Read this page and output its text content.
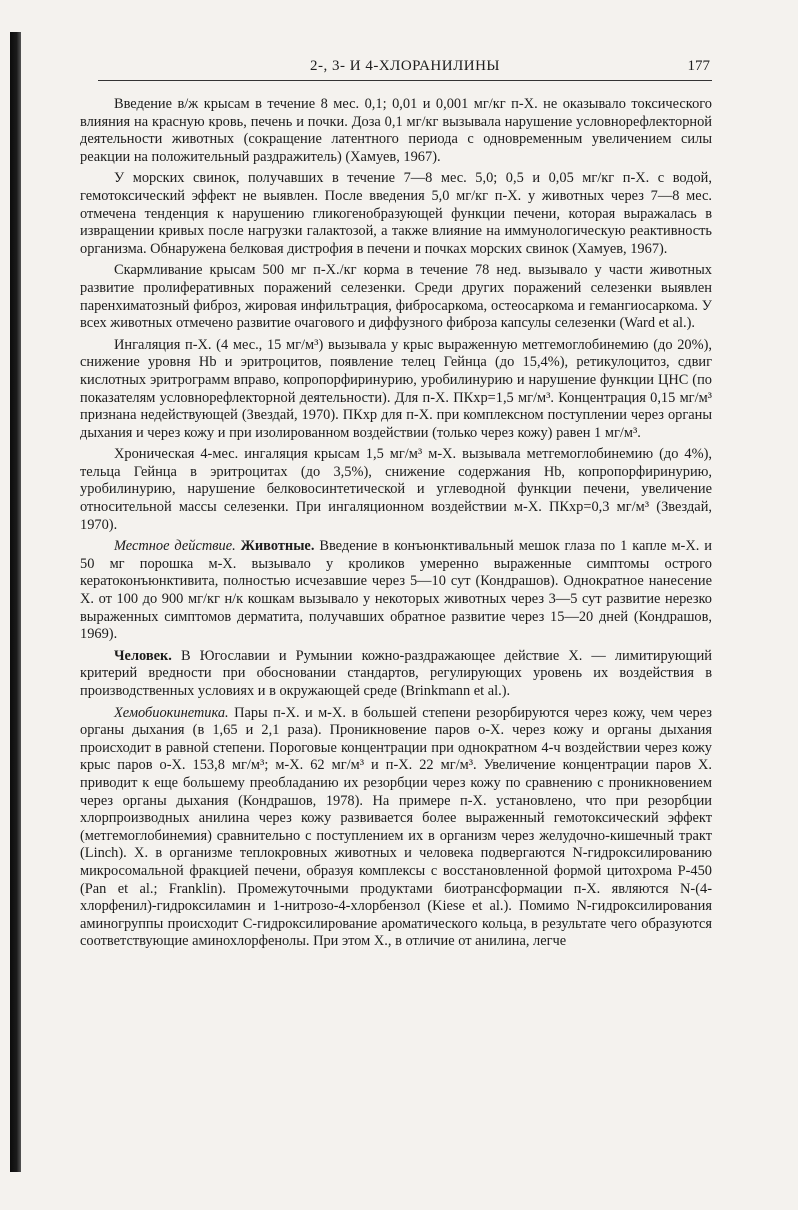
2-, 3- И 4-ХЛОРАНИЛИНЫ	177

Введение в/ж крысам в течение 8 мес. 0,1; 0,01 и 0,001 мг/кг п-Х. не оказывало токсического влияния на красную кровь, печень и почки. Доза 0,1 мг/кг вызывала нарушение условнорефлекторной деятельности животных (сокращение латентного периода с одновременным увеличением силы реакции на положительный раздражитель) (Хамуев, 1967).

У морских свинок, получавших в течение 7—8 мес. 5,0; 0,5 и 0,05 мг/кг п-Х. с водой, гемотоксический эффект не выявлен. После введения 5,0 мг/кг п-Х. у животных через 7—8 мес. отмечена тенденция к нарушению гликогенобразующей функции печени, которая выражалась в извращении кривых после нагрузки галактозой, а также влияние на иммунологическую реактивность организма. Обнаружена белковая дистрофия в печени и почках морских свинок (Хамуев, 1967).

Скармливание крысам 500 мг п-Х./кг корма в течение 78 нед. вызывало у части животных развитие пролиферативных поражений селезенки. Среди других поражений селезенки выявлен паренхиматозный фиброз, жировая инфильтрация, фибросаркома, остеосаркома и гемангиосаркома. У всех животных отмечено развитие очагового и диффузного фиброза капсулы селезенки (Ward et al.).

Ингаляция п-Х. (4 мес., 15 мг/м³) вызывала у крыс выраженную метгемоглобинемию (до 20%), снижение уровня Hb и эритроцитов, появление телец Гейнца (до 15,4%), ретикулоцитоз, сдвиг кислотных эритрограмм вправо, копропорфиринурию, уробилинурию и нарушение функции ЦНС (по показателям условнорефлекторной деятельности). Для п-Х. ПКхр=1,5 мг/м³. Концентрация 0,15 мг/м³ признана недействующей (Звездай, 1970). ПКхр для п-Х. при комплексном поступлении через органы дыхания и через кожу и при изолированном воздействии (только через кожу) равен 1 мг/м³.

Хроническая 4-мес. ингаляция крысам 1,5 мг/м³ м-Х. вызывала метгемоглобинемию (до 4%), тельца Гейнца в эритроцитах (до 3,5%), снижение содержания Hb, копропорфиринурию, уробилинурию, нарушение белковосинтетической и углеводной функции печени, увеличение относительной массы селезенки. При ингаляционном воздействии м-Х. ПКхр=0,3 мг/м³ (Звездай, 1970).

Местное действие. Животные. Введение в конъюнктивальный мешок глаза по 1 капле м-Х. и 50 мг порошка м-Х. вызывало у кроликов умеренно выраженные симптомы острого кератоконъюнктивита, полностью исчезавшие через 5—10 сут (Кондрашов). Однократное нанесение Х. от 100 до 900 мг/кг н/к кошкам вызывало у некоторых животных через 3—5 сут развитие нерезко выраженных симптомов дерматита, получавших обратное развитие через 15—20 дней (Кондрашов, 1969).

Человек. В Югославии и Румынии кожно-раздражающее действие Х. — лимитирующий критерий вредности при обосновании стандартов, регулирующих уровень их воздействия в производственных условиях и в окружающей среде (Brinkmann et al.).

Хемобиокинетика. Пары п-Х. и м-Х. в большей степени резорбируются через кожу, чем через органы дыхания (в 1,65 и 2,1 раза). Проникновение паров о-Х. через кожу и органы дыхания происходит в равной степени. Пороговые концентрации при однократном 4-ч воздействии через кожу крыс паров о-Х. 153,8 мг/м³; м-Х. 62 мг/м³ и п-Х. 22 мг/м³. Увеличение концентрации паров Х. приводит к еще большему преобладанию их резорбции через кожу по сравнению с проникновением через органы дыхания (Кондрашов, 1978). На примере п-Х. установлено, что при резорбции хлорпроизводных анилина через кожу развивается более выраженный гемотоксический эффект (метгемоглобинемия) сравнительно с поступлением их в организм через желудочно-кишечный тракт (Linch). Х. в организме теплокровных животных и человека подвергаются N-гидроксилированию микросомальной фракцией печени, образуя комплексы с восстановленной формой цитохрома Р-450 (Pan et al.; Franklin). Промежуточными продуктами биотрансформации п-Х. являются N-(4-хлорфенил)-гидроксиламин и 1-нитрозо-4-хлорбензол (Kiese et al.). Помимо N-гидроксилирования аминогруппы происходит С-гидроксилирование ароматического кольца, в результате чего образуются соответствующие аминохлорфенолы. При этом Х., в отличие от анилина, легче
